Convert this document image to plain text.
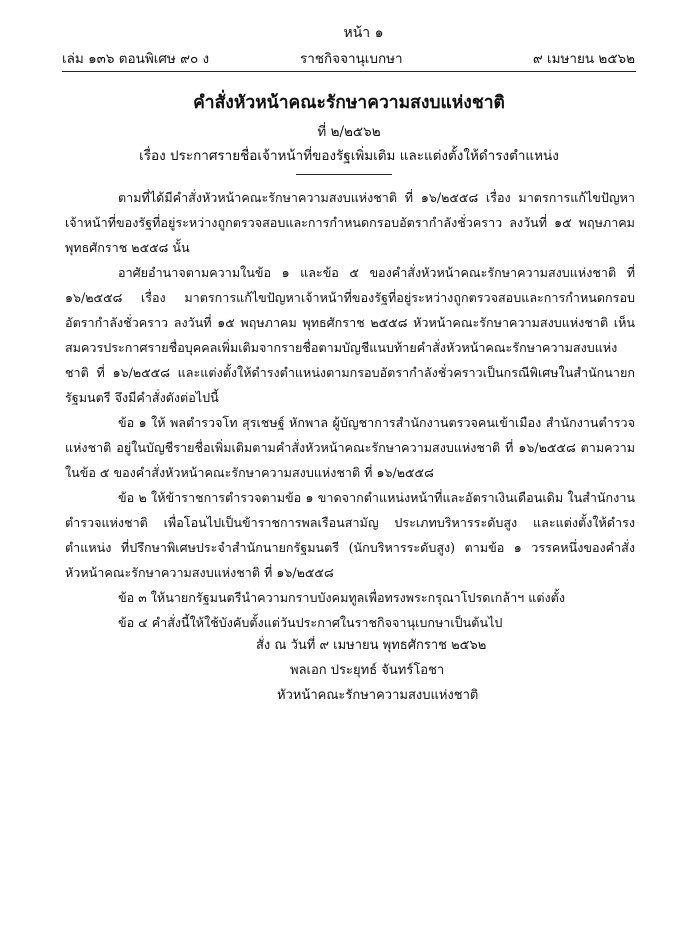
หน้า ๑
เล่ม ๑๓๖ ตอนพิเศษ ๙๐ ง	ราชกิจจานุเบกษา	๙ เมษายน ๒๕๖๒
คำสั่งหัวหน้าคณะรักษาความสงบแห่งชาติ
ที่ ๒/๒๕๖๒
เรื่อง ประกาศรายชื่อเจ้าหน้าที่ของรัฐเพิ่มเติม และแต่งตั้งให้ดำรงตำแหน่ง

ตามที่ได้มีคำสั่งหัวหน้าคณะรักษาความสงบแห่งชาติ ที่ ๑๖/๒๕๕๘ เรื่อง มาตรการแก้ไขปัญหาเจ้าหน้าที่ของรัฐที่อยู่ระหว่างถูกตรวจสอบและการกำหนดกรอบอัตรากำลังชั่วคราว ลงวันที่ ๑๕ พฤษภาคม พุทธศักราช ๒๕๕๘ นั้น

อาศัยอำนาจตามความในข้อ ๑ และข้อ ๕ ของคำสั่งหัวหน้าคณะรักษาความสงบแห่งชาติ ที่ ๑๖/๒๕๕๘ เรื่อง มาตรการแก้ไขปัญหาเจ้าหน้าที่ของรัฐที่อยู่ระหว่างถูกตรวจสอบและการกำหนดกรอบอัตรากำลังชั่วคราว ลงวันที่ ๑๕ พฤษภาคม พุทธศักราช ๒๕๕๘ หัวหน้าคณะรักษาความสงบแห่งชาติ เห็นสมควรประกาศรายชื่อบุคคลเพิ่มเติมจากรายชื่อตามบัญชีแนบท้ายคำสั่งหัวหน้าคณะรักษาความสงบแห่งชาติ ที่ ๑๖/๒๕๕๘ และแต่งตั้งให้ดำรงตำแหน่งตามกรอบอัตรากำลังชั่วคราวเป็นกรณีพิเศษในสำนักนายกรัฐมนตรี จึงมีคำสั่งดังต่อไปนี้

ข้อ ๑ ให้ พลตำรวจโท สุรเชษฐ์ หักพาล ผู้บัญชาการสำนักงานตรวจคนเข้าเมือง สำนักงานตำรวจแห่งชาติ อยู่ในบัญชีรายชื่อเพิ่มเติมตามคำสั่งหัวหน้าคณะรักษาความสงบแห่งชาติ ที่ ๑๖/๒๕๕๘ ตามความในข้อ ๕ ของคำสั่งหัวหน้าคณะรักษาความสงบแห่งชาติ ที่ ๑๖/๒๕๕๘

ข้อ ๒ ให้ข้าราชการตำรวจตามข้อ ๑ ขาดจากตำแหน่งหน้าที่และอัตราเงินเดือนเดิม ในสำนักงานตำรวจแห่งชาติ เพื่อโอนไปเป็นข้าราชการพลเรือนสามัญ ประเภทบริหารระดับสูง และแต่งตั้งให้ดำรงตำแหน่ง ที่ปรึกษาพิเศษประจำสำนักนายกรัฐมนตรี (นักบริหารระดับสูง) ตามข้อ ๑ วรรคหนึ่งของคำสั่งหัวหน้าคณะรักษาความสงบแห่งชาติ ที่ ๑๖/๒๕๕๘

ข้อ ๓ ให้นายกรัฐมนตรีนำความกราบบังคมทูลเพื่อทรงพระกรุณาโปรดเกล้าฯ แต่งตั้ง

ข้อ ๔ คำสั่งนี้ให้ใช้บังคับตั้งแต่วันประกาศในราชกิจจานุเบกษาเป็นต้นไป

สั่ง ณ วันที่ ๙ เมษายน พุทธศักราช ๒๕๖๒
พลเอก ประยุทธ์ จันทร์โอชา
หัวหน้าคณะรักษาความสงบแห่งชาติ
